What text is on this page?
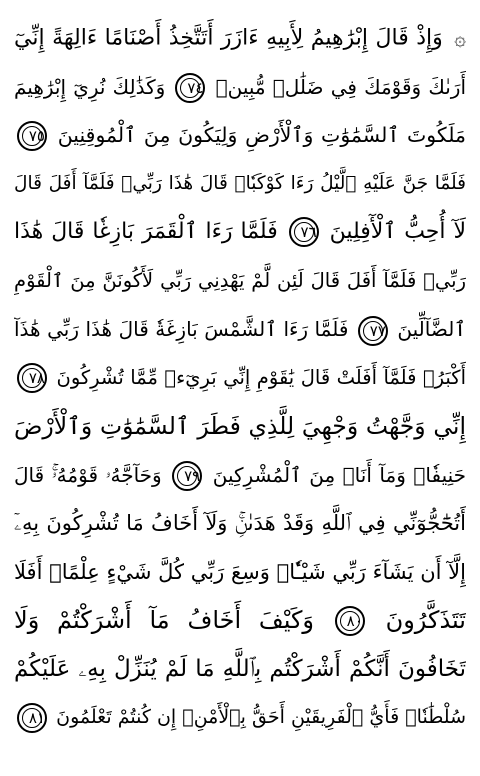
۞ وَإِذْ قَالَ إِبْرَٰهِيمُ لِأَبِيهِ ءَازَرَ أَتَتَّخِذُ أَصْنَامًا ءَالِهَةً إِنِّيٓ
أَرَىٰكَ وَقَوْمَكَ فِي ضَلَٰلٖ مُّبِينٖ ٧٤ وَكَذَٰلِكَ نُرِيٓ إِبْرَٰهِيمَ
مَلَكُوتَ ٱلسَّمَٰوَٰتِ وَٱلْأَرْضِ وَلِيَكُونَ مِنَ ٱلْمُوقِنِينَ ٧٥
فَلَمَّا جَنَّ عَلَيْهِ ٱلَّيْلُ رَءَا كَوْكَبٗاۖ قَالَ هَٰذَا رَبِّيۖ فَلَمَّآ أَفَلَ قَالَ
لَآ أُحِبُّ ٱلْأٓفِلِينَ ٧٦ فَلَمَّا رَءَا ٱلْقَمَرَ بَازِغٗا قَالَ هَٰذَا
رَبِّيۖ فَلَمَّآ أَفَلَ قَالَ لَئِن لَّمْ يَهْدِنِي رَبِّي لَأَكُونَنَّ مِنَ ٱلْقَوْمِ
ٱلضَّآلِّينَ ٧٧ فَلَمَّا رَءَا ٱلشَّمْسَ بَازِغَةٗ قَالَ هَٰذَا رَبِّي هَٰذَآ
أَكْبَرُۖ فَلَمَّآ أَفَلَتْ قَالَ يَٰقَوْمِ إِنِّي بَرِيٓءٞ مِّمَّا تُشْرِكُونَ ٧٨
إِنِّي وَجَّهْتُ وَجْهِيَ لِلَّذِي فَطَرَ ٱلسَّمَٰوَٰتِ وَٱلْأَرْضَ
حَنِيفٗاۖ وَمَآ أَنَا۠ مِنَ ٱلْمُشْرِكِينَ ٧٩ وَحَآجَّهُۥ قَوْمُهُۥۚ قَالَ
أَتُحَٰٓجُّوٓنِّي فِي ٱللَّهِ وَقَدْ هَدَىٰنِۚ وَلَآ أَخَافُ مَا تُشْرِكُونَ بِهِۦٓ
إِلَّآ أَن يَشَآءَ رَبِّي شَيْـٔٗاۚ وَسِعَ رَبِّي كُلَّ شَيْءٍ عِلْمًاۚ أَفَلَا
تَتَذَكَّرُونَ ٨٠ وَكَيْفَ أَخَافُ مَآ أَشْرَكْتُمْ وَلَا
تَخَافُونَ أَنَّكُمْ أَشْرَكْتُم بِٱللَّهِ مَا لَمْ يُنَزِّلْ بِهِۦ عَلَيْكُمْ
سُلْطَٰنٗاۚ فَأَيُّ ٱلْفَرِيقَيْنِ أَحَقُّ بِٱلْأَمْنِۖ إِن كُنتُمْ تَعْلَمُونَ ٨١
